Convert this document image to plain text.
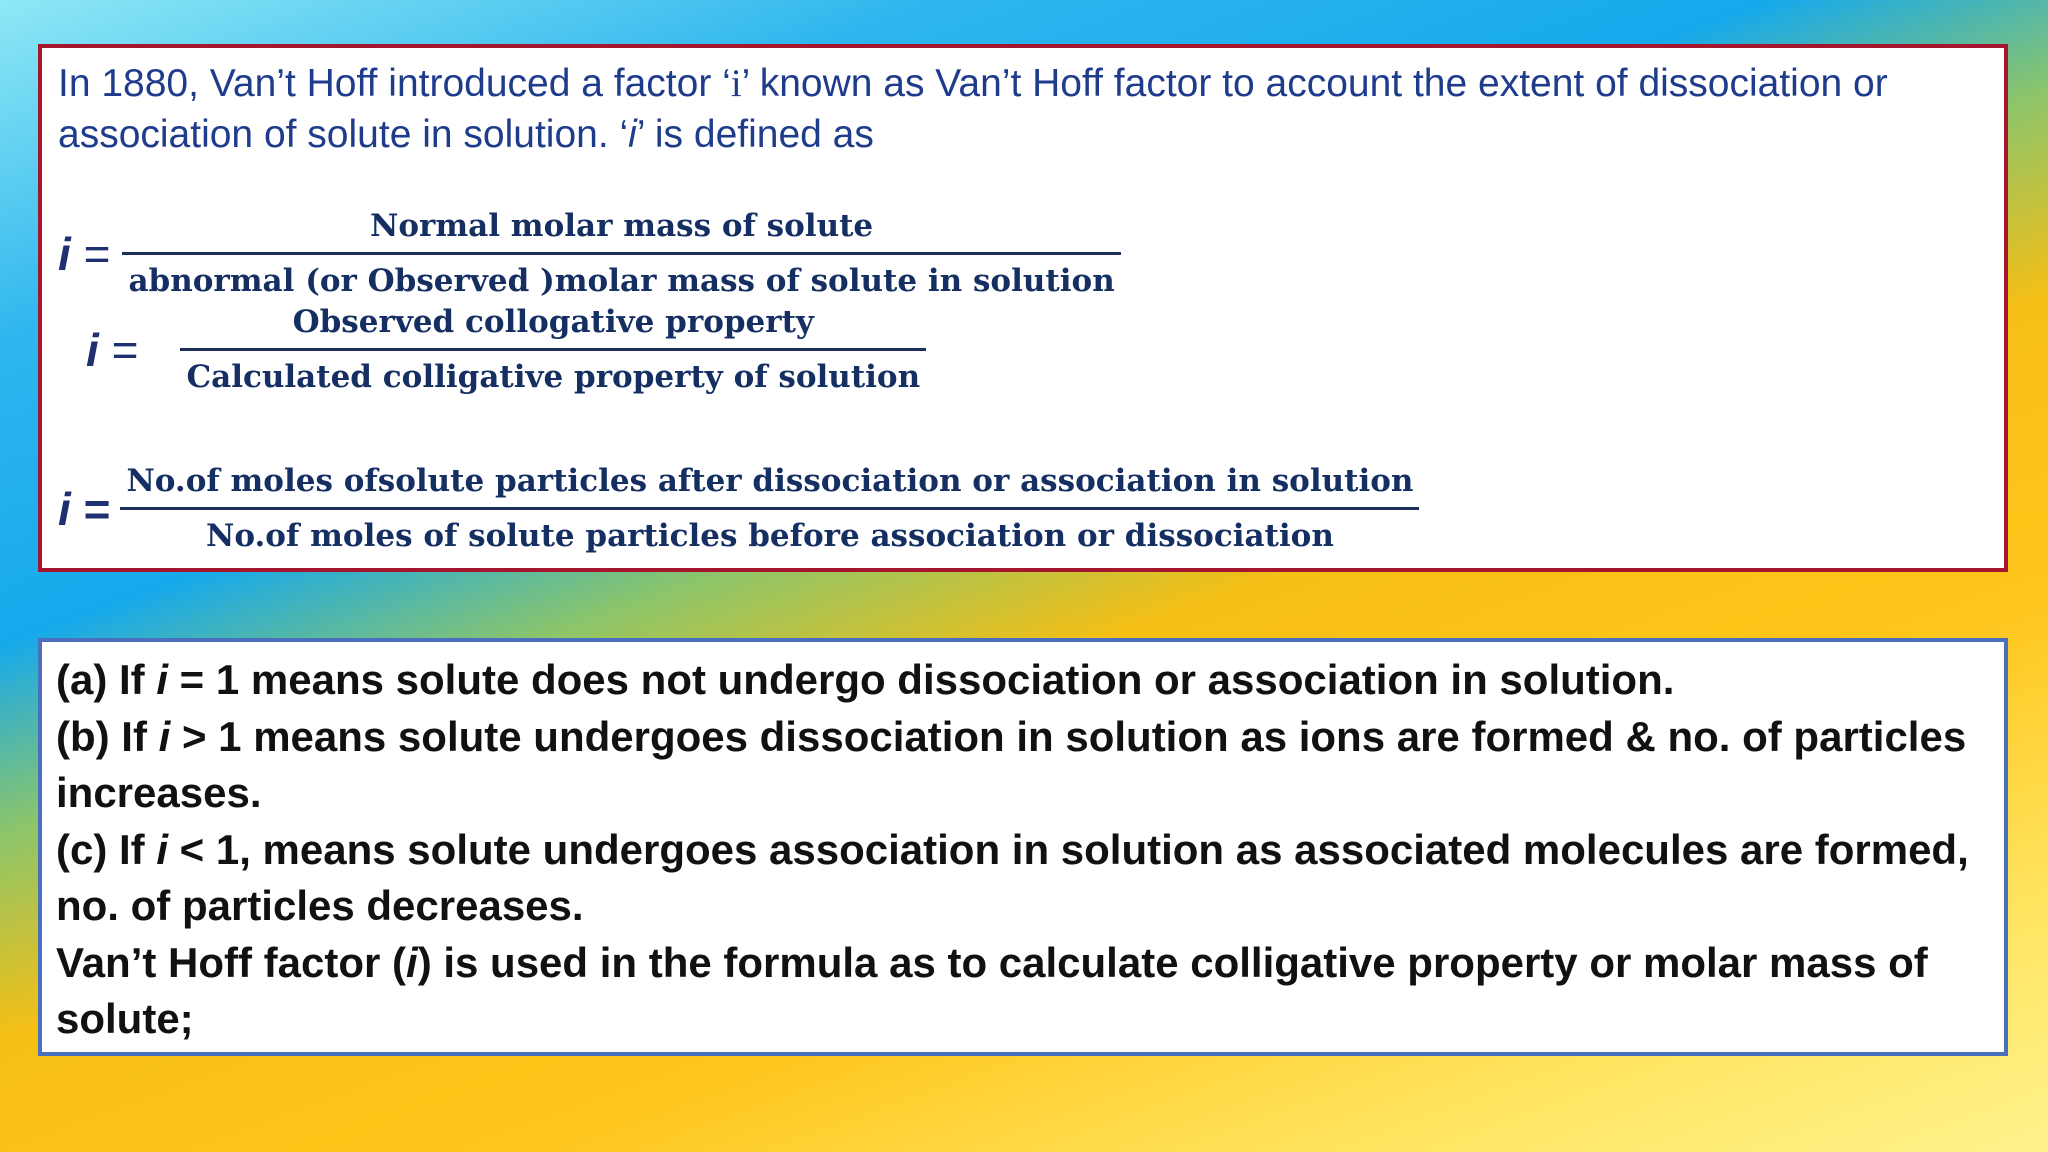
In 1880, Van’t Hoff introduced a factor ‘i’ known as Van’t Hoff factor to account the extent of dissociation or association of solute in solution. ‘i’ is defined as

$i = \frac{\text{Normal molar mass of solute}}{\text{abnormal (or Observed )molar mass of solute in solution}}$
$i = \frac{\text{Observed collogative property}}{\text{Calculated colligative property of solution}}$
i =
No.of moles ofsolute particles after dissociation or association in solution
No.of moles of solute particles before association or dissociation

(a) If i = 1 means solute does not undergo dissociation or association in solution.
(b) If i > 1 means solute undergoes dissociation in solution as ions are formed & no. of particles increases.
(c) If i < 1, means solute undergoes association in solution as associated molecules are formed, no. of particles decreases.
Van’t Hoff factor (i) is used in the formula as to calculate colligative property or molar mass of solute;
